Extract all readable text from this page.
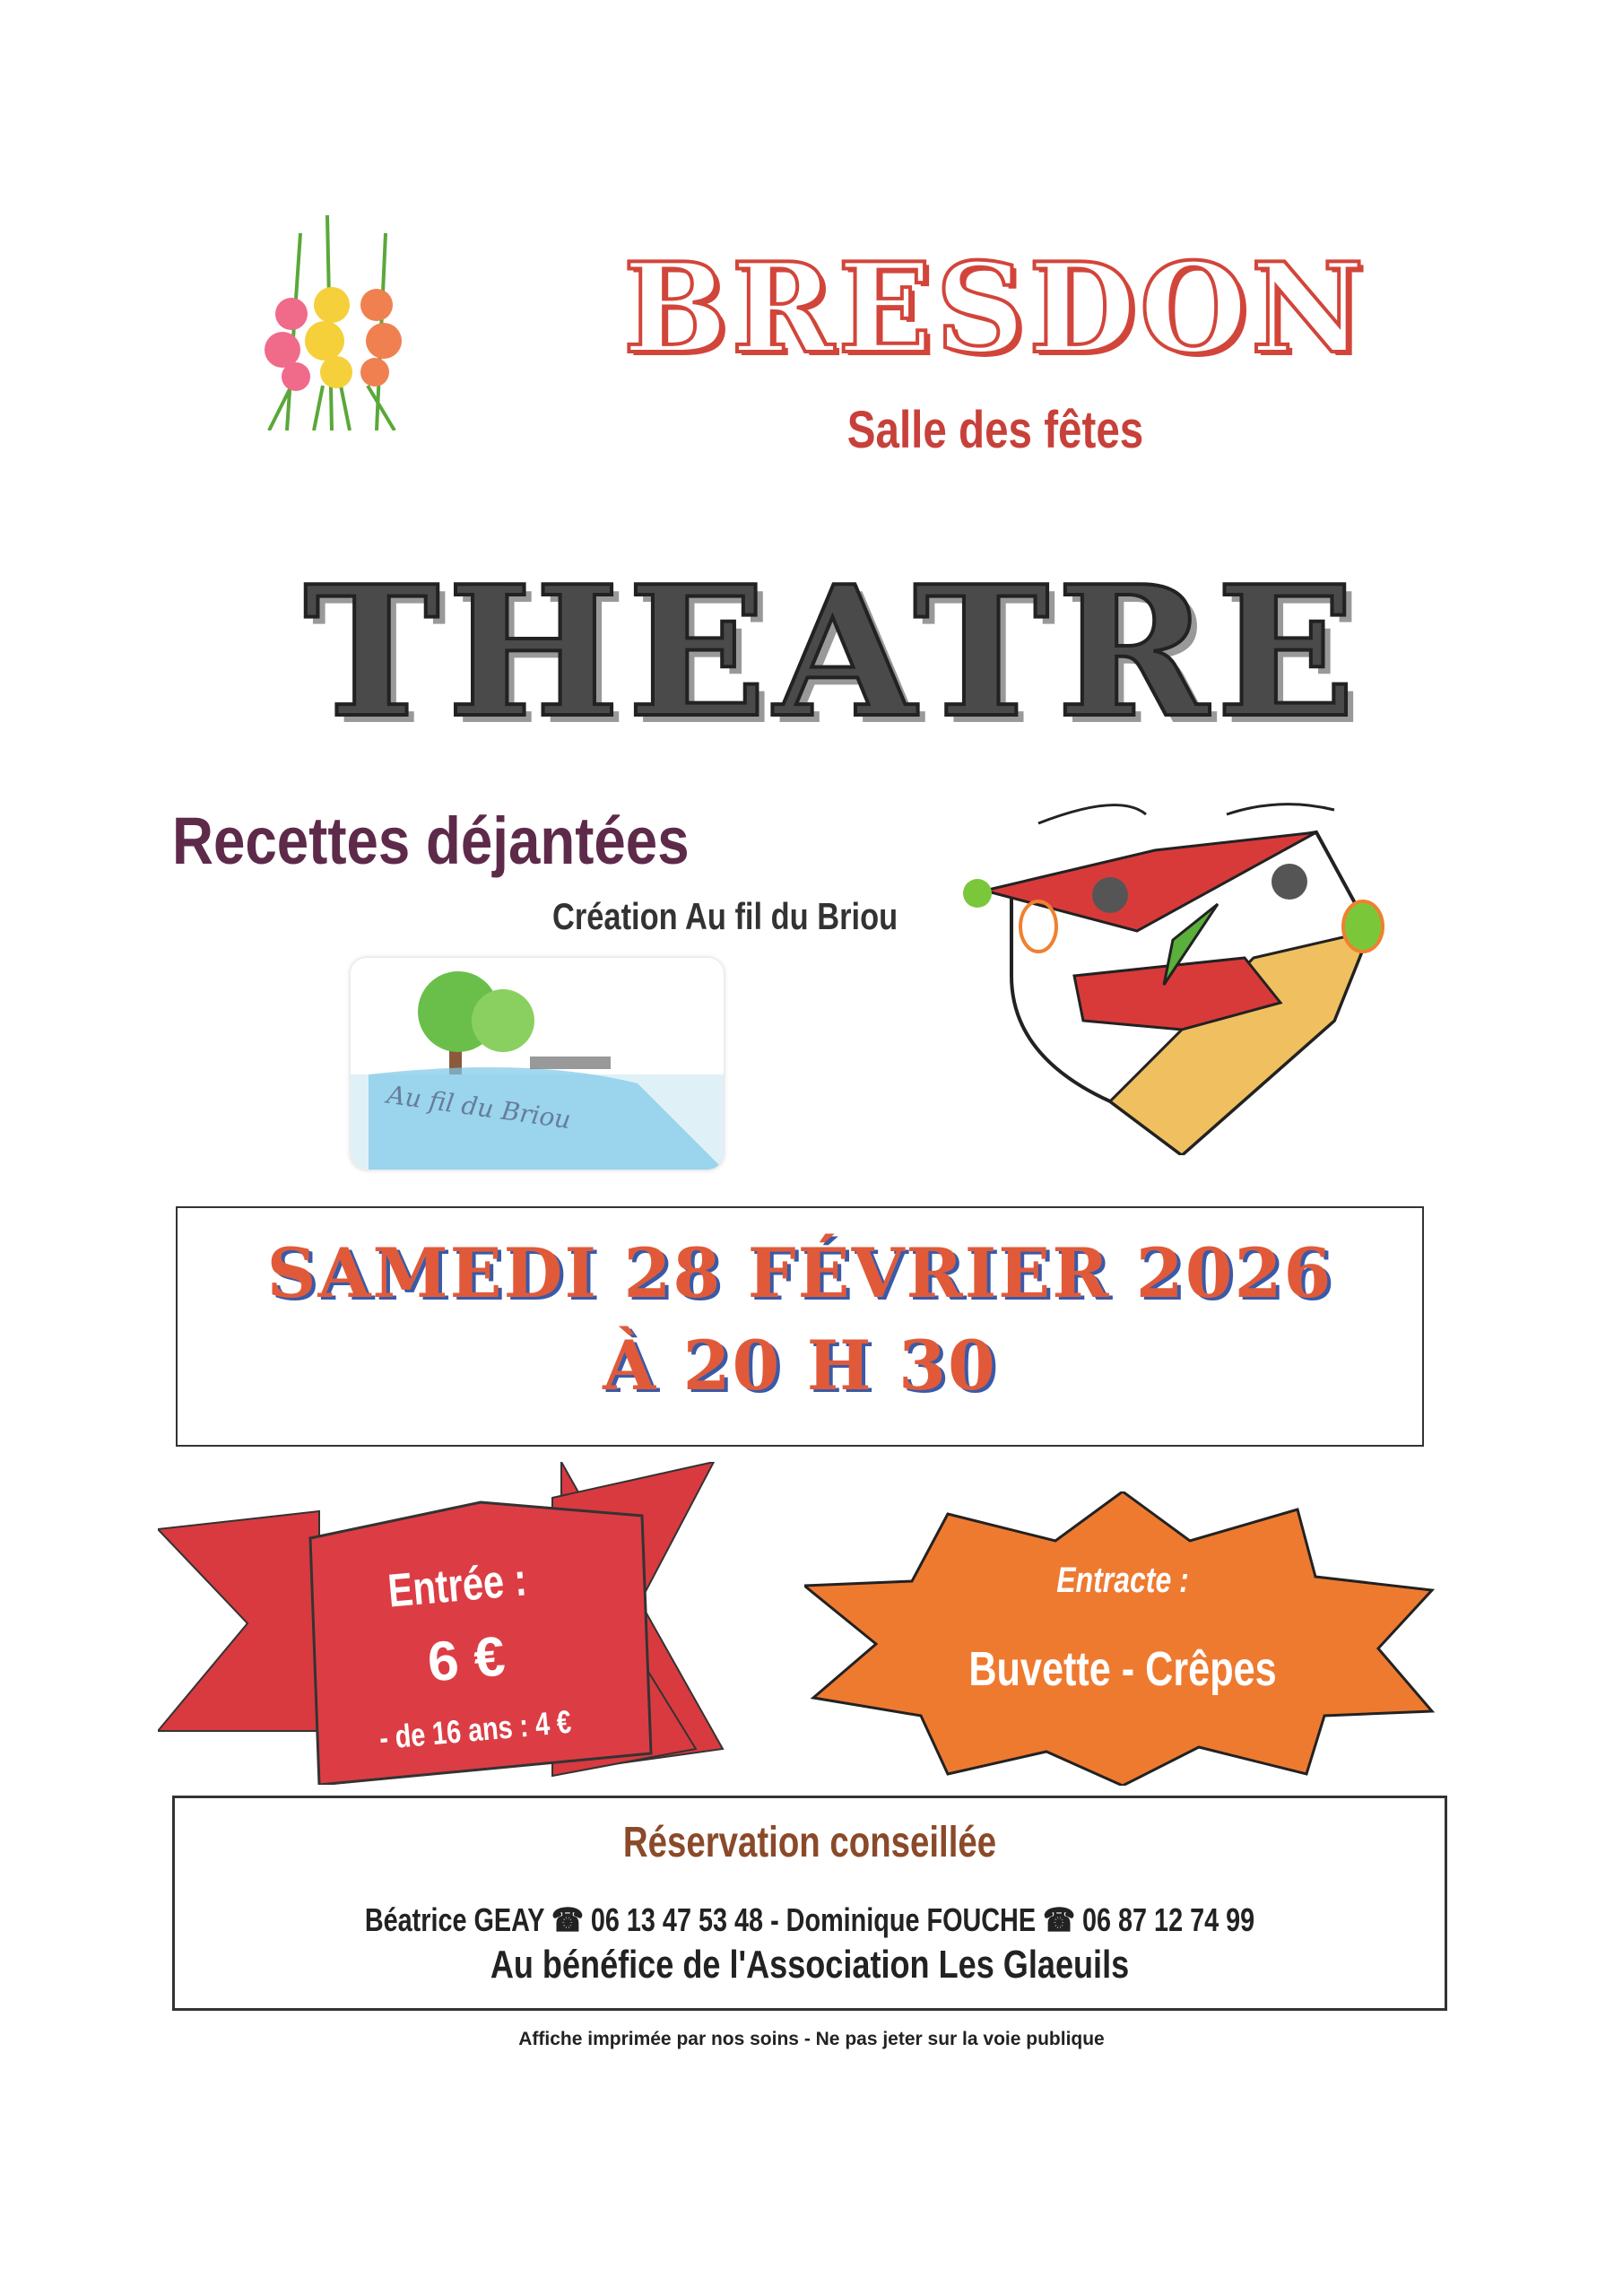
BRESDON
Salle des fêtes
THEATRE
Recettes déjantées
Création Au fil du Briou
Au fil du Briou
SAMEDI 28 FÉVRIER 2026
À 20 H 30
Entrée :
6 €
- de 16 ans : 4 €
Entracte :
Buvette - Crêpes
Réservation conseillée
Béatrice GEAY ☎ 06 13 47 53 48 - Dominique FOUCHE ☎ 06 87 12 74 99
Au bénéfice de l'Association Les Glaeuils
Affiche imprimée par nos soins - Ne pas jeter sur la voie publique
